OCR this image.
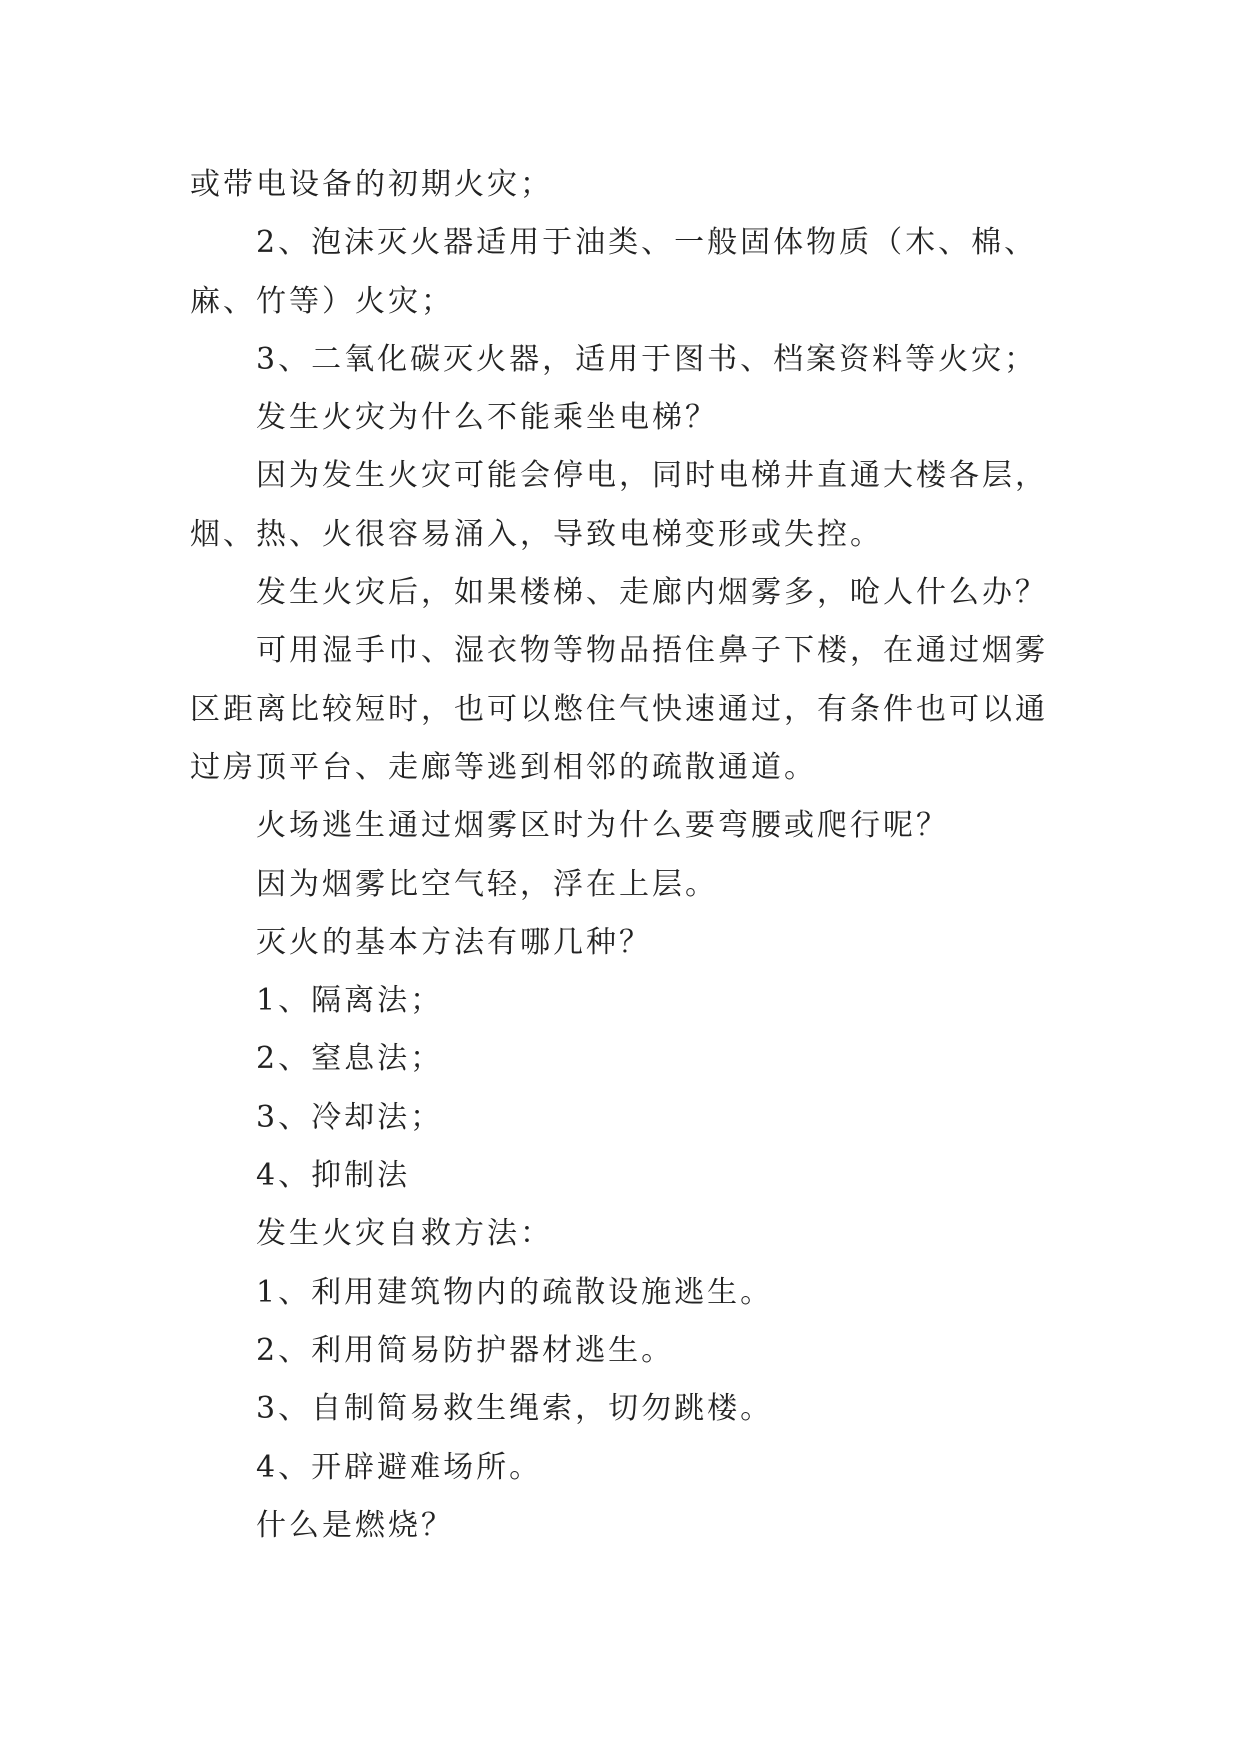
或带电设备的初期火灾；

2、泡沫灭火器适用于油类、一般固体物质（木、棉、麻、竹等）火灾；

3、二氧化碳灭火器，适用于图书、档案资料等火灾；

发生火灾为什么不能乘坐电梯？

因为发生火灾可能会停电，同时电梯井直通大楼各层，烟、热、火很容易涌入，导致电梯变形或失控。

发生火灾后，如果楼梯、走廊内烟雾多，呛人什么办？

可用湿手巾、湿衣物等物品捂住鼻子下楼，在通过烟雾区距离比较短时，也可以憋住气快速通过，有条件也可以通过房顶平台、走廊等逃到相邻的疏散通道。

火场逃生通过烟雾区时为什么要弯腰或爬行呢？

因为烟雾比空气轻，浮在上层。

灭火的基本方法有哪几种？

1、隔离法；

2、窒息法；

3、冷却法；

4、抑制法

发生火灾自救方法：

1、利用建筑物内的疏散设施逃生。

2、利用简易防护器材逃生。

3、自制简易救生绳索，切勿跳楼。

4、开辟避难场所。

什么是燃烧？
